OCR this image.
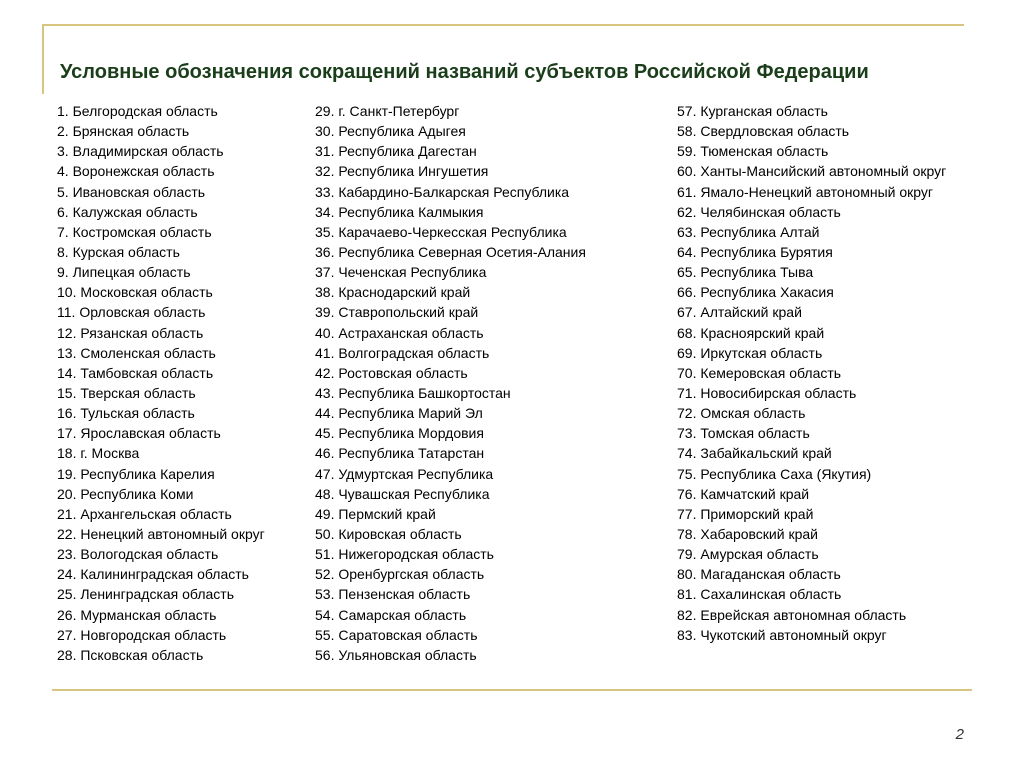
Условные обозначения сокращений названий субъектов Российской Федерации
1. Белгородская область
2. Брянская область
3. Владимирская область
4. Воронежская область
5. Ивановская область
6. Калужская область
7. Костромская область
8. Курская область
9. Липецкая область
10. Московская область
11. Орловская область
12. Рязанская область
13. Смоленская область
14. Тамбовская область
15. Тверская область
16. Тульская область
17. Ярославская область
18. г. Москва
19. Республика Карелия
20. Республика Коми
21. Архангельская область
22. Ненецкий автономный округ
23. Вологодская область
24. Калининградская область
25. Ленинградская область
26. Мурманская область
27. Новгородская область
28. Псковская область
29. г. Санкт-Петербург
30. Республика Адыгея
31. Республика Дагестан
32. Республика Ингушетия
33. Кабардино-Балкарская Республика
34. Республика Калмыкия
35. Карачаево-Черкесская Республика
36. Республика Северная Осетия-Алания
37. Чеченская Республика
38. Краснодарский край
39. Ставропольский край
40. Астраханская область
41. Волгоградская область
42. Ростовская область
43. Республика Башкортостан
44. Республика Марий Эл
45. Республика Мордовия
46. Республика Татарстан
47. Удмуртская Республика
48. Чувашская Республика
49. Пермский край
50. Кировская область
51. Нижегородская область
52. Оренбургская область
53. Пензенская область
54. Самарская область
55. Саратовская область
56. Ульяновская область
57. Курганская область
58. Свердловская область
59. Тюменская область
60. Ханты-Мансийский автономный округ
61. Ямало-Ненецкий автономный округ
62. Челябинская область
63. Республика Алтай
64. Республика Бурятия
65. Республика Тыва
66. Республика Хакасия
67. Алтайский край
68. Красноярский край
69. Иркутская область
70. Кемеровская область
71. Новосибирская область
72. Омская область
73. Томская область
74. Забайкальский край
75. Республика Саха (Якутия)
76. Камчатский край
77. Приморский край
78. Хабаровский край
79. Амурская область
80. Магаданская область
81. Сахалинская область
82. Еврейская автономная область
83. Чукотский автономный округ
2
